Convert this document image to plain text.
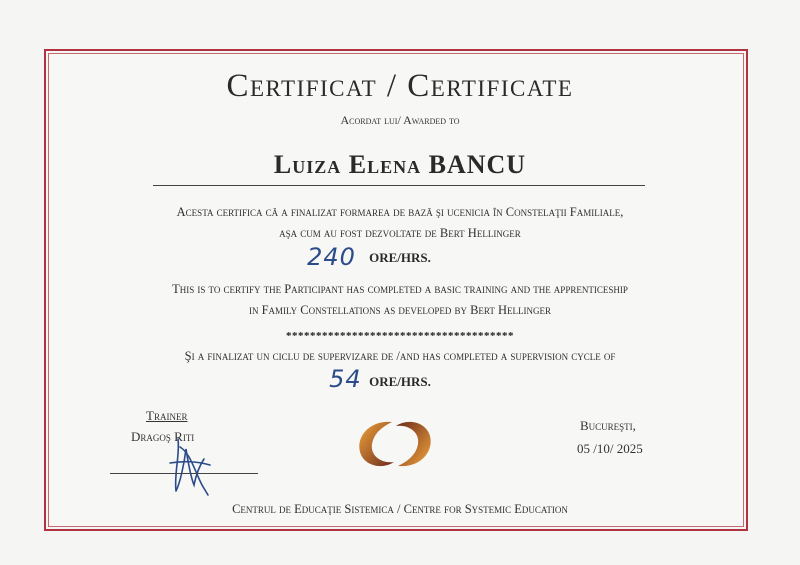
Certificat / Certificate
Acordat lui/ Awarded to
Luiza Elena BANCU
Acesta certifica că a finalizat formarea de bază şi ucenicia în Constelaţii Familiale,
aşa cum au fost dezvoltate de Bert Hellinger
240 ORE/HRS.
This is to certify the Participant has completed a basic training and the apprenticeship
in Family Constellations as developed by Bert Hellinger
**************************************
Şi a finalizat un ciclu de supervizare de /and has completed a supervision cycle of
54 ORE/HRS.
Trainer
Dragoş Riti
Bucureşti,
05 /10/ 2025
Centrul de Educaţie Sistemica / Centre for Systemic Education
